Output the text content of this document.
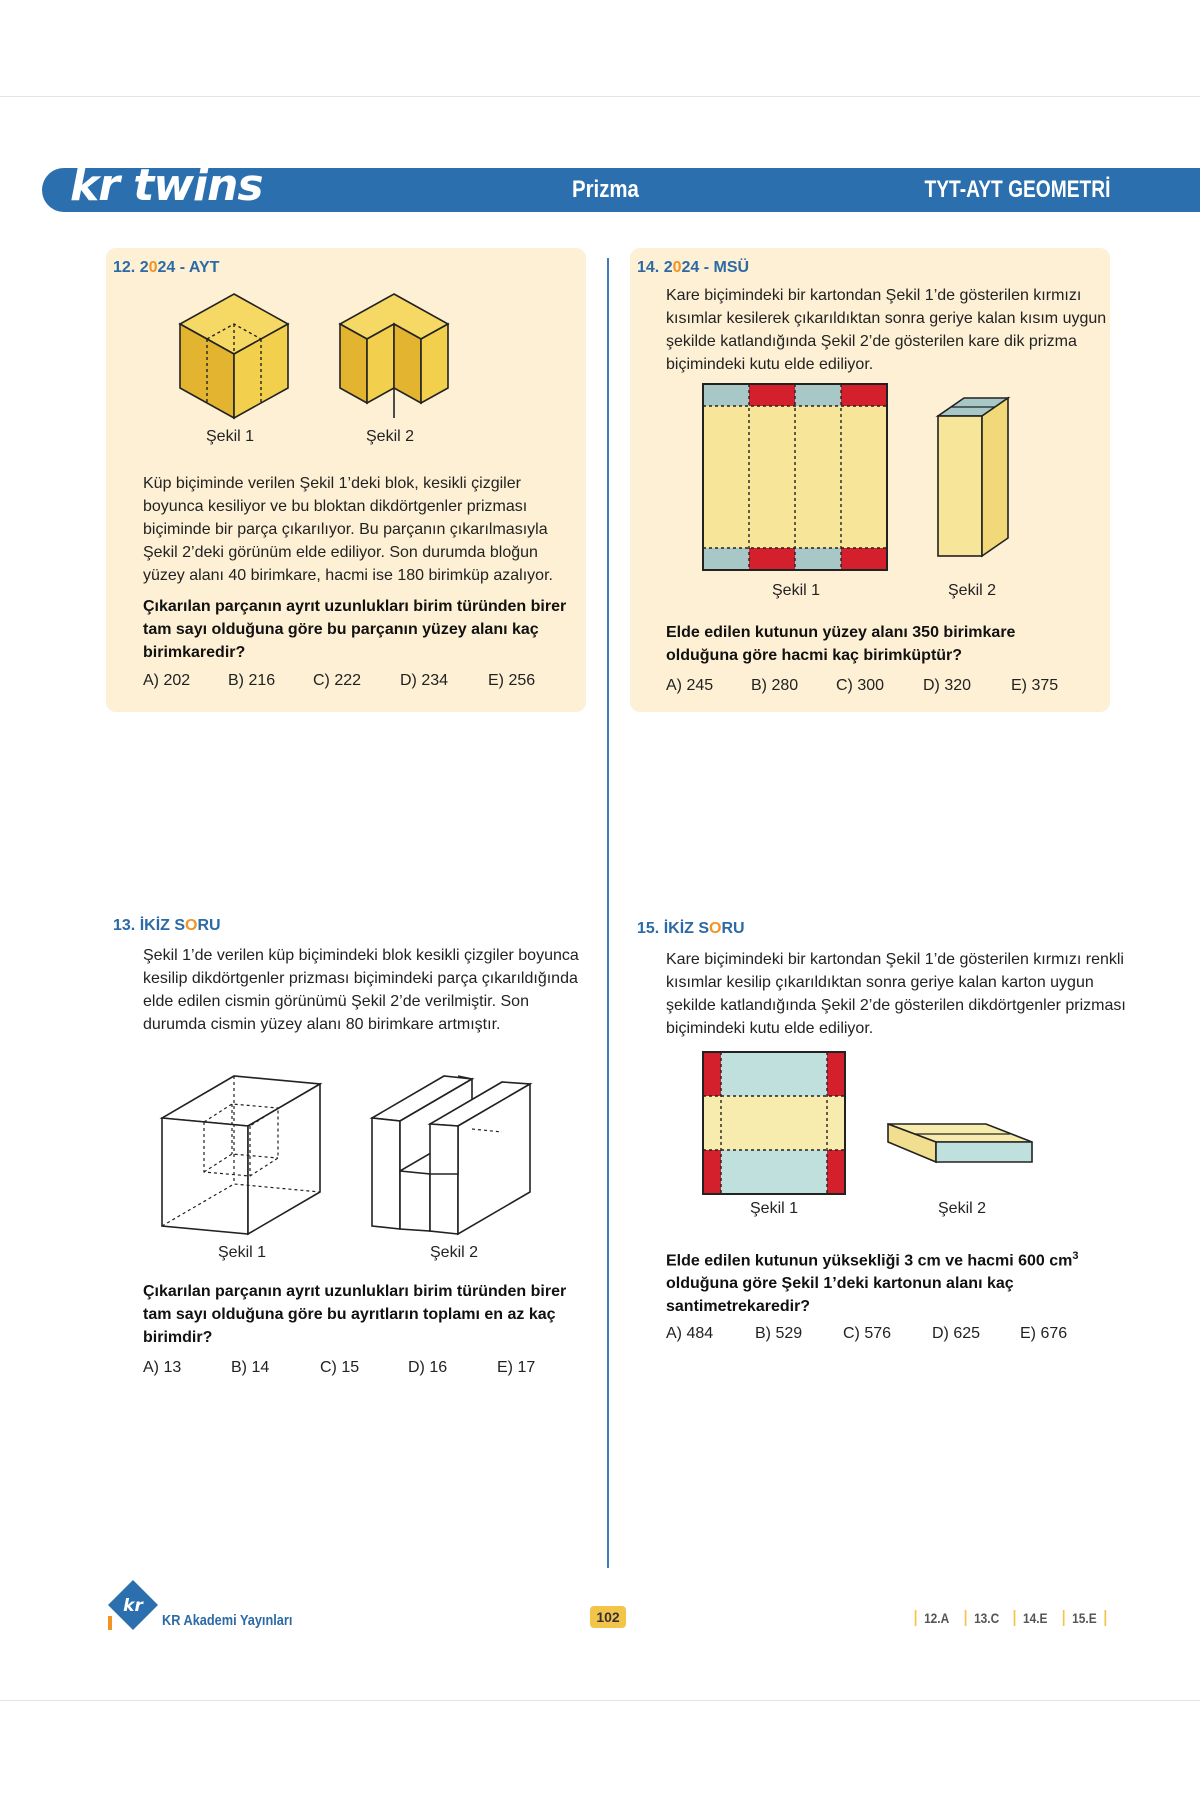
kr twins	Prizma	TYT-AYT GEOMETRİ
12. 2024 - AYT
Şekil 1	Şekil 2
Küp biçiminde verilen Şekil 1’deki blok, kesikli çizgiler boyunca kesiliyor ve bu bloktan dikdörtgenler prizması biçiminde bir parça çıkarılıyor. Bu parçanın çıkarılmasıyla Şekil 2’deki görünüm elde ediliyor. Son durumda bloğun yüzey alanı 40 birimkare, hacmi ise 180 birimküp azalıyor.
Çıkarılan parçanın ayrıt uzunlukları birim türünden birer tam sayı olduğuna göre bu parçanın yüzey alanı kaç birimkaredir?
A) 202	B) 216	C) 222	D) 234	E) 256
14. 2024 - MSÜ
Kare biçimindeki bir kartondan Şekil 1’de gösterilen kırmızı kısımlar kesilerek çıkarıldıktan sonra geriye kalan kısım uygun şekilde katlandığında Şekil 2’de gösterilen kare dik prizma biçimindeki kutu elde ediliyor.
Şekil 1	Şekil 2
Elde edilen kutunun yüzey alanı 350 birimkare olduğuna göre hacmi kaç birimküptür?
A) 245	B) 280	C) 300	D) 320	E) 375
13. İKİZ SORU
Şekil 1’de verilen küp biçimindeki blok kesikli çizgiler boyunca kesilip dikdörtgenler prizması biçimindeki parça çıkarıldığında elde edilen cismin görünümü Şekil 2’de verilmiştir. Son durumda cismin yüzey alanı 80 birimkare artmıştır.
Şekil 1	Şekil 2
Çıkarılan parçanın ayrıt uzunlukları birim türünden birer tam sayı olduğuna göre bu ayrıtların toplamı en az kaç birimdir?
A) 13	B) 14	C) 15	D) 16	E) 17
15. İKİZ SORU
Kare biçimindeki bir kartondan Şekil 1’de gösterilen kırmızı renkli kısımlar kesilip çıkarıldıktan sonra geriye kalan karton uygun şekilde katlandığında Şekil 2’de gösterilen dikdörtgenler prizması biçimindeki kutu elde ediliyor.
Şekil 1	Şekil 2
Elde edilen kutunun yüksekliği 3 cm ve hacmi 600 $cm^3$ olduğuna göre Şekil 1’deki kartonun alanı kaç santimetrekaredir?
A) 484	B) 529	C) 576	D) 625	E) 676
kr
KR Akademi Yayınları	102	12.A	13.C	14.E	15.E
